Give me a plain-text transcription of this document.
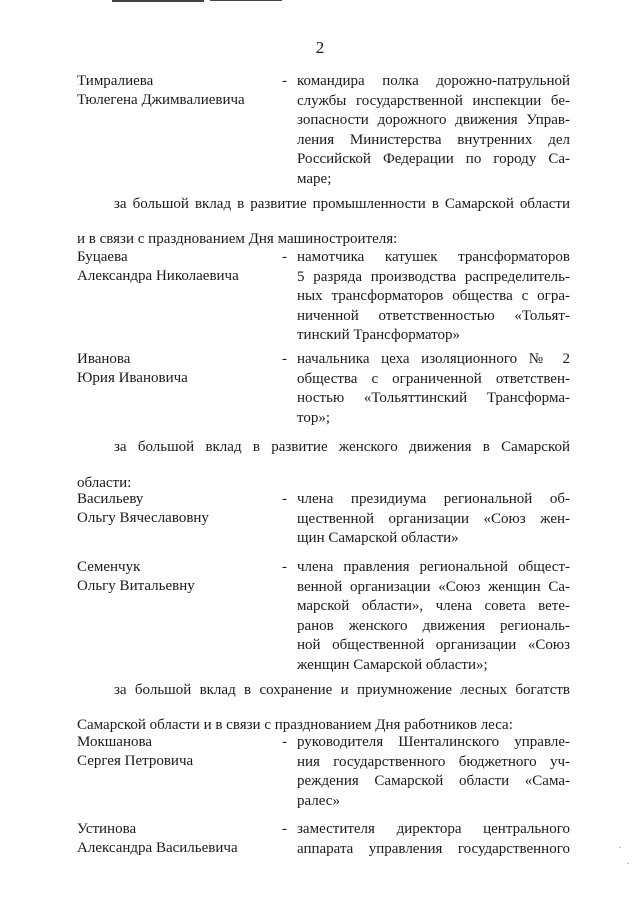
2
Тимралиева
Тюлегена Джимвалиевича
- командира полка дорожно-патрульной
службы государственной инспекции бе-
зопасности дорожного движения Управ-
ления Министерства внутренних дел
Российской Федерации по городу Са-
маре;
за большой вклад в развитие промышленности в Самарской области
и в связи с празднованием Дня машиностроителя:
Буцаева
Александра Николаевича
- намотчика катушек трансформаторов
5 разряда производства распределитель-
ных трансформаторов общества с огра-
ниченной ответственностью «Тольят-
тинский Трансформатор»
Иванова
Юрия Ивановича
- начальника цеха изоляционного № 2
общества с ограниченной ответствен-
ностью «Тольяттинский Трансформа-
тор»;
за большой вклад в развитие женского движения в Самарской
области:
Васильеву
Ольгу Вячеславовну
- члена президиума региональной об-
щественной организации «Союз жен-
щин Самарской области»
Семенчук
Ольгу Витальевну
- члена правления региональной общест-
венной организации «Союз женщин Са-
марской области», члена совета вете-
ранов женского движения региональ-
ной общественной организации «Союз
женщин Самарской области»;
за большой вклад в сохранение и приумножение лесных богатств
Самарской области и в связи с празднованием Дня работников леса:
Мокшанова
Сергея Петровича
- руководителя Шенталинского управле-
ния государственного бюджетного уч-
реждения Самарской области «Сама-
ралес»
Устинова
Александра Васильевича
- заместителя директора центрального
аппарата управления государственного	·
·
